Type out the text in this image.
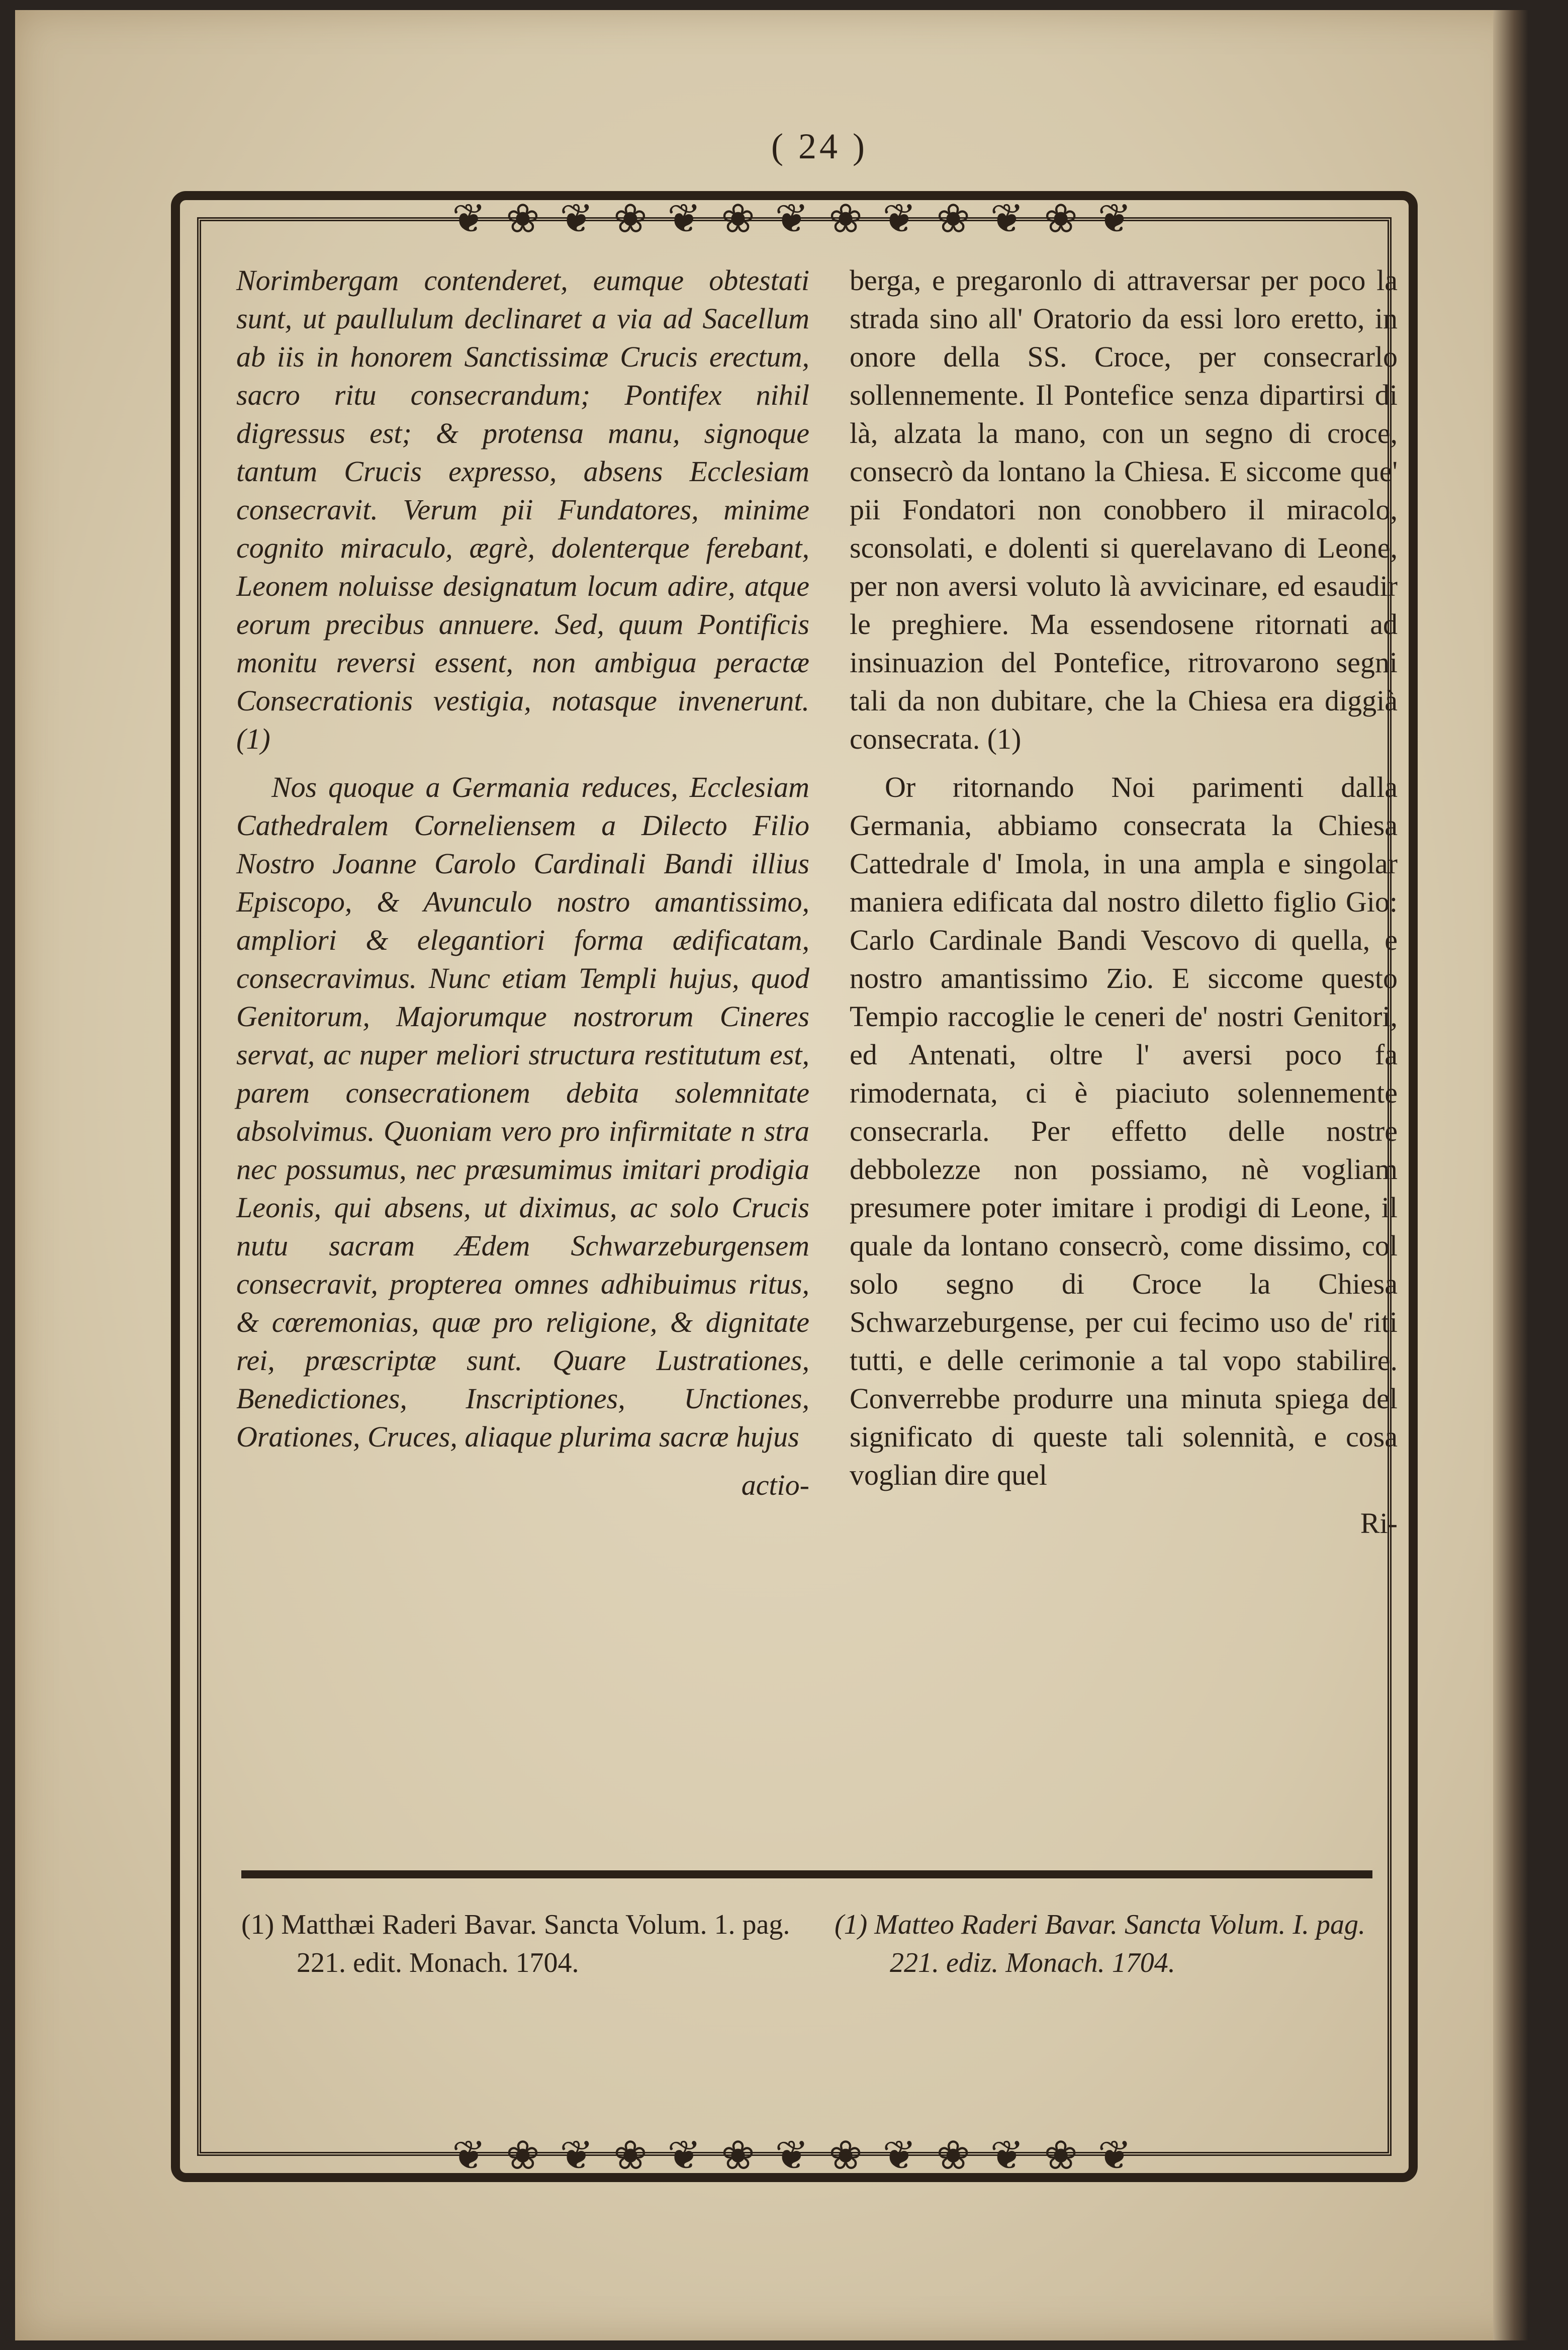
( 24 )
❦ ❀ ❦ ❀ ❦ ❀ ❦ ❀ ❦ ❀ ❦ ❀ ❦
❦ ❀ ❦ ❀ ❦ ❀ ❦ ❀ ❦ ❀ ❦ ❀ ❦

Norimbergam contenderet, eumque obtestati sunt, ut paullulum declinaret a via ad Sacellum ab iis in honorem Sanctissimæ Crucis erectum, sacro ritu consecrandum; Pontifex nihil digressus est; & protensa manu, signoque tantum Crucis expresso, absens Ecclesiam consecravit. Verum pii Fundatores, minime cognito miraculo, ægrè, dolenterque ferebant, Leonem noluisse designatum locum adire, atque eorum precibus annuere. Sed, quum Pontificis monitu reversi essent, non ambigua peractæ Consecrationis vestigia, notasque invenerunt. (1)

Nos quoque a Germania reduces, Ecclesiam Cathedralem Corneliensem a Dilecto Filio Nostro Joanne Carolo Cardinali Bandi illius Episcopo, & Avunculo nostro amantissimo, ampliori & elegantiori forma ædificatam, consecravimus. Nunc etiam Templi hujus, quod Genitorum, Majorumque nostrorum Cineres servat, ac nuper meliori structura restitutum est, parem consecrationem debita solemnitate absolvimus. Quoniam vero pro infirmitate n stra nec possumus, nec præsumimus imitari prodigia Leonis, qui absens, ut diximus, ac solo Crucis nutu sacram Ædem Schwarzeburgensem consecravit, propterea omnes adhibuimus ritus, & cœremonias, quæ pro religione, & dignitate rei, præscriptæ sunt. Quare Lustrationes, Benedictiones, Inscriptiones, Unctiones, Orationes, Cruces, aliaque plurima sacræ hujus

actio-

berga, e pregaronlo di attraversar per poco la strada sino all' Oratorio da essi loro eretto, in onore della SS. Croce, per consecrarlo sollennemente. Il Pontefice senza dipartirsi di là, alzata la mano, con un segno di croce, consecrò da lontano la Chiesa. E siccome que' pii Fondatori non conobbero il miracolo, sconsolati, e dolenti si querelavano di Leone, per non aversi voluto là avvicinare, ed esaudir le preghiere. Ma essendosene ritornati ad insinuazion del Pontefice, ritrovarono segni tali da non dubitare, che la Chiesa era diggià consecrata. (1)

Or ritornando Noi parimenti dalla Germania, abbiamo consecrata la Chiesa Cattedrale d' Imola, in una ampla e singolar maniera edificata dal nostro diletto figlio Gio: Carlo Cardinale Bandi Vescovo di quella, e nostro amantissimo Zio. E siccome questo Tempio raccoglie le ceneri de' nostri Genitori, ed Antenati, oltre l' aversi poco fa rimodernata, ci è piaciuto solennemente consecrarla. Per effetto delle nostre debbolezze non possiamo, nè vogliam presumere poter imitare i prodigi di Leone, il quale da lontano consecrò, come dissimo, col solo segno di Croce la Chiesa Schwarzeburgense, per cui fecimo uso de' riti tutti, e delle cerimonie a tal vopo stabilire. Converrebbe produrre una minuta spiega del significato di queste tali solennità, e cosa voglian dire quel

Ri-

(1) Matthæi Raderi Bavar. Sancta Volum. 1. pag. 221. edit. Monach. 1704.

(1) Matteo Raderi Bavar. Sancta Volum. I. pag. 221. ediz. Monach. 1704.
